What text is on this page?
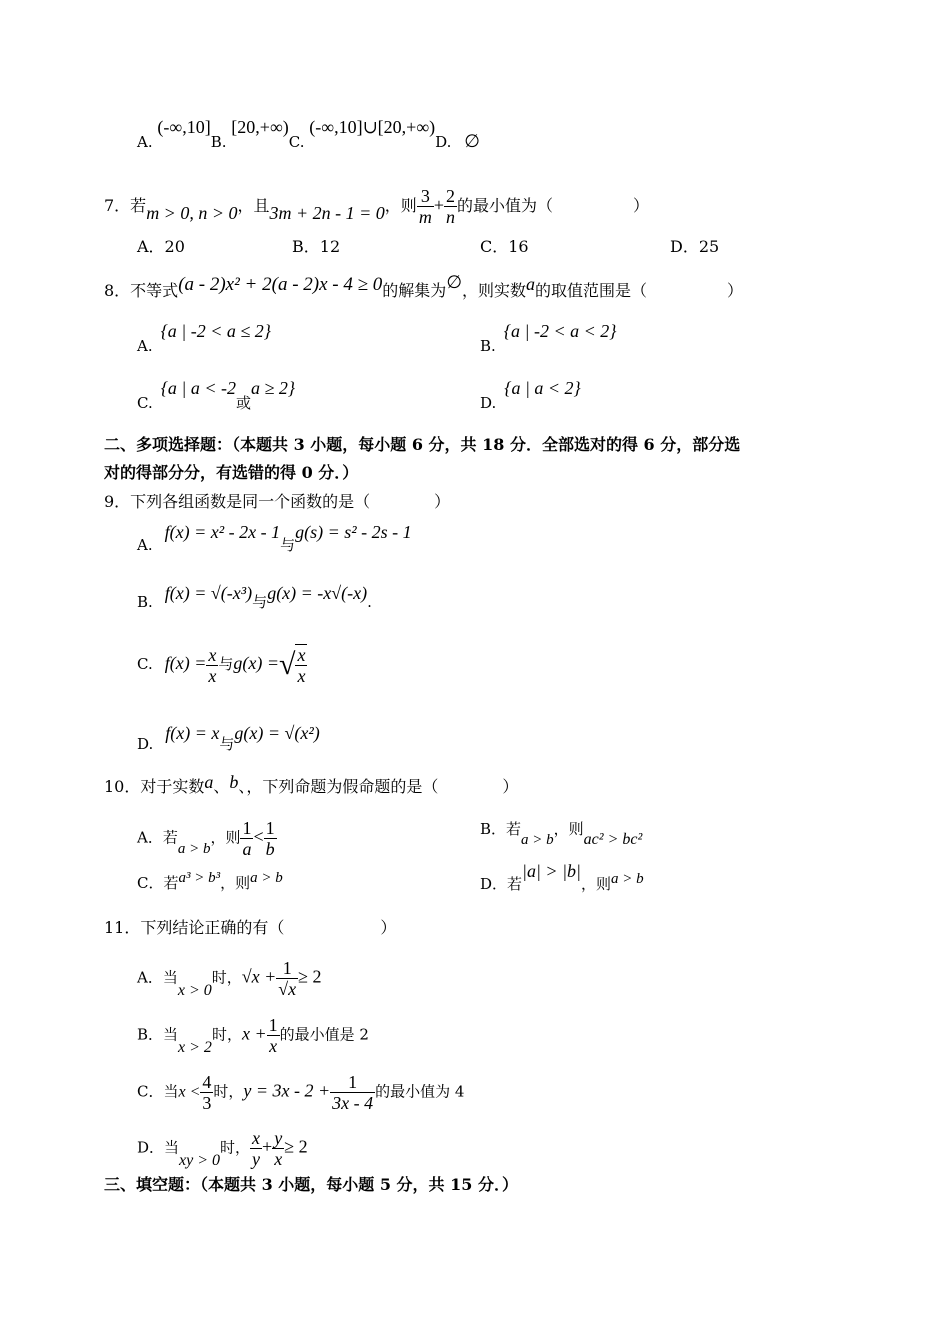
A. (-∞,10]B. [20,+∞)C. (-∞,10]∪[20,+∞)D. ∅
7．若m > 0, n > 0，且3m + 2n - 1 = 0，则 $\frac{3}{m} + \frac{2}{n}$ 的最小值为（　　　　　）
A．20	B．12	C．16	D．25
8．不等式(a - 2)x² + 2(a - 2)x - 4 ≥ 0的解集为∅，则实数a的取值范围是（　　　　　）
A.{a | -2 < a ≤ 2}
B.{a | -2 < a < 2}
C.{a | a < -2或a ≥ 2}
D.{a | a < 2}
二、多项选择题：（本题共 3 小题，每小题 6 分，共 18 分．全部选对的得 6 分，部分选
对的得部分分，有选错的得 0 分．）
9．下列各组函数是同一个函数的是（　　　　）
A.f(x) = x² - 2x - 1与g(s) = s² - 2s - 1
B. f(x) = √(-x³)与g(x) = -x√(-x).
C. $f(x) = \frac{x}{x}$ 与g(x) =√ $\frac{x}{x}$
D.f(x) = x与g(x) = √(x²)
10．对于实数a、b、，下列命题为假命题的是（　　　　）
A．若a > b，则 $\frac{1}{a} < \frac{1}{b}$	B．若a > b，则ac² > bc²
C．若a³ > b³，则a > b	D．若|a| > |b|，则a > b
11．下列结论正确的有（　　　　　　）
A．当x > 0时，$√x + \frac{1}{√x} \ge 2$
B．当x > 2时，$x + \frac{1}{x}$ 的最小值是 2
C．当$x < \frac{4}{3}$ 时，$y = 3x - 2 + \frac{1}{3x - 4}$ 的最小值为 4
D．当xy > 0时， $\frac{x}{y} + \frac{y}{x} \ge 2$
三、填空题：（本题共 3 小题，每小题 5 分，共 15 分．）
